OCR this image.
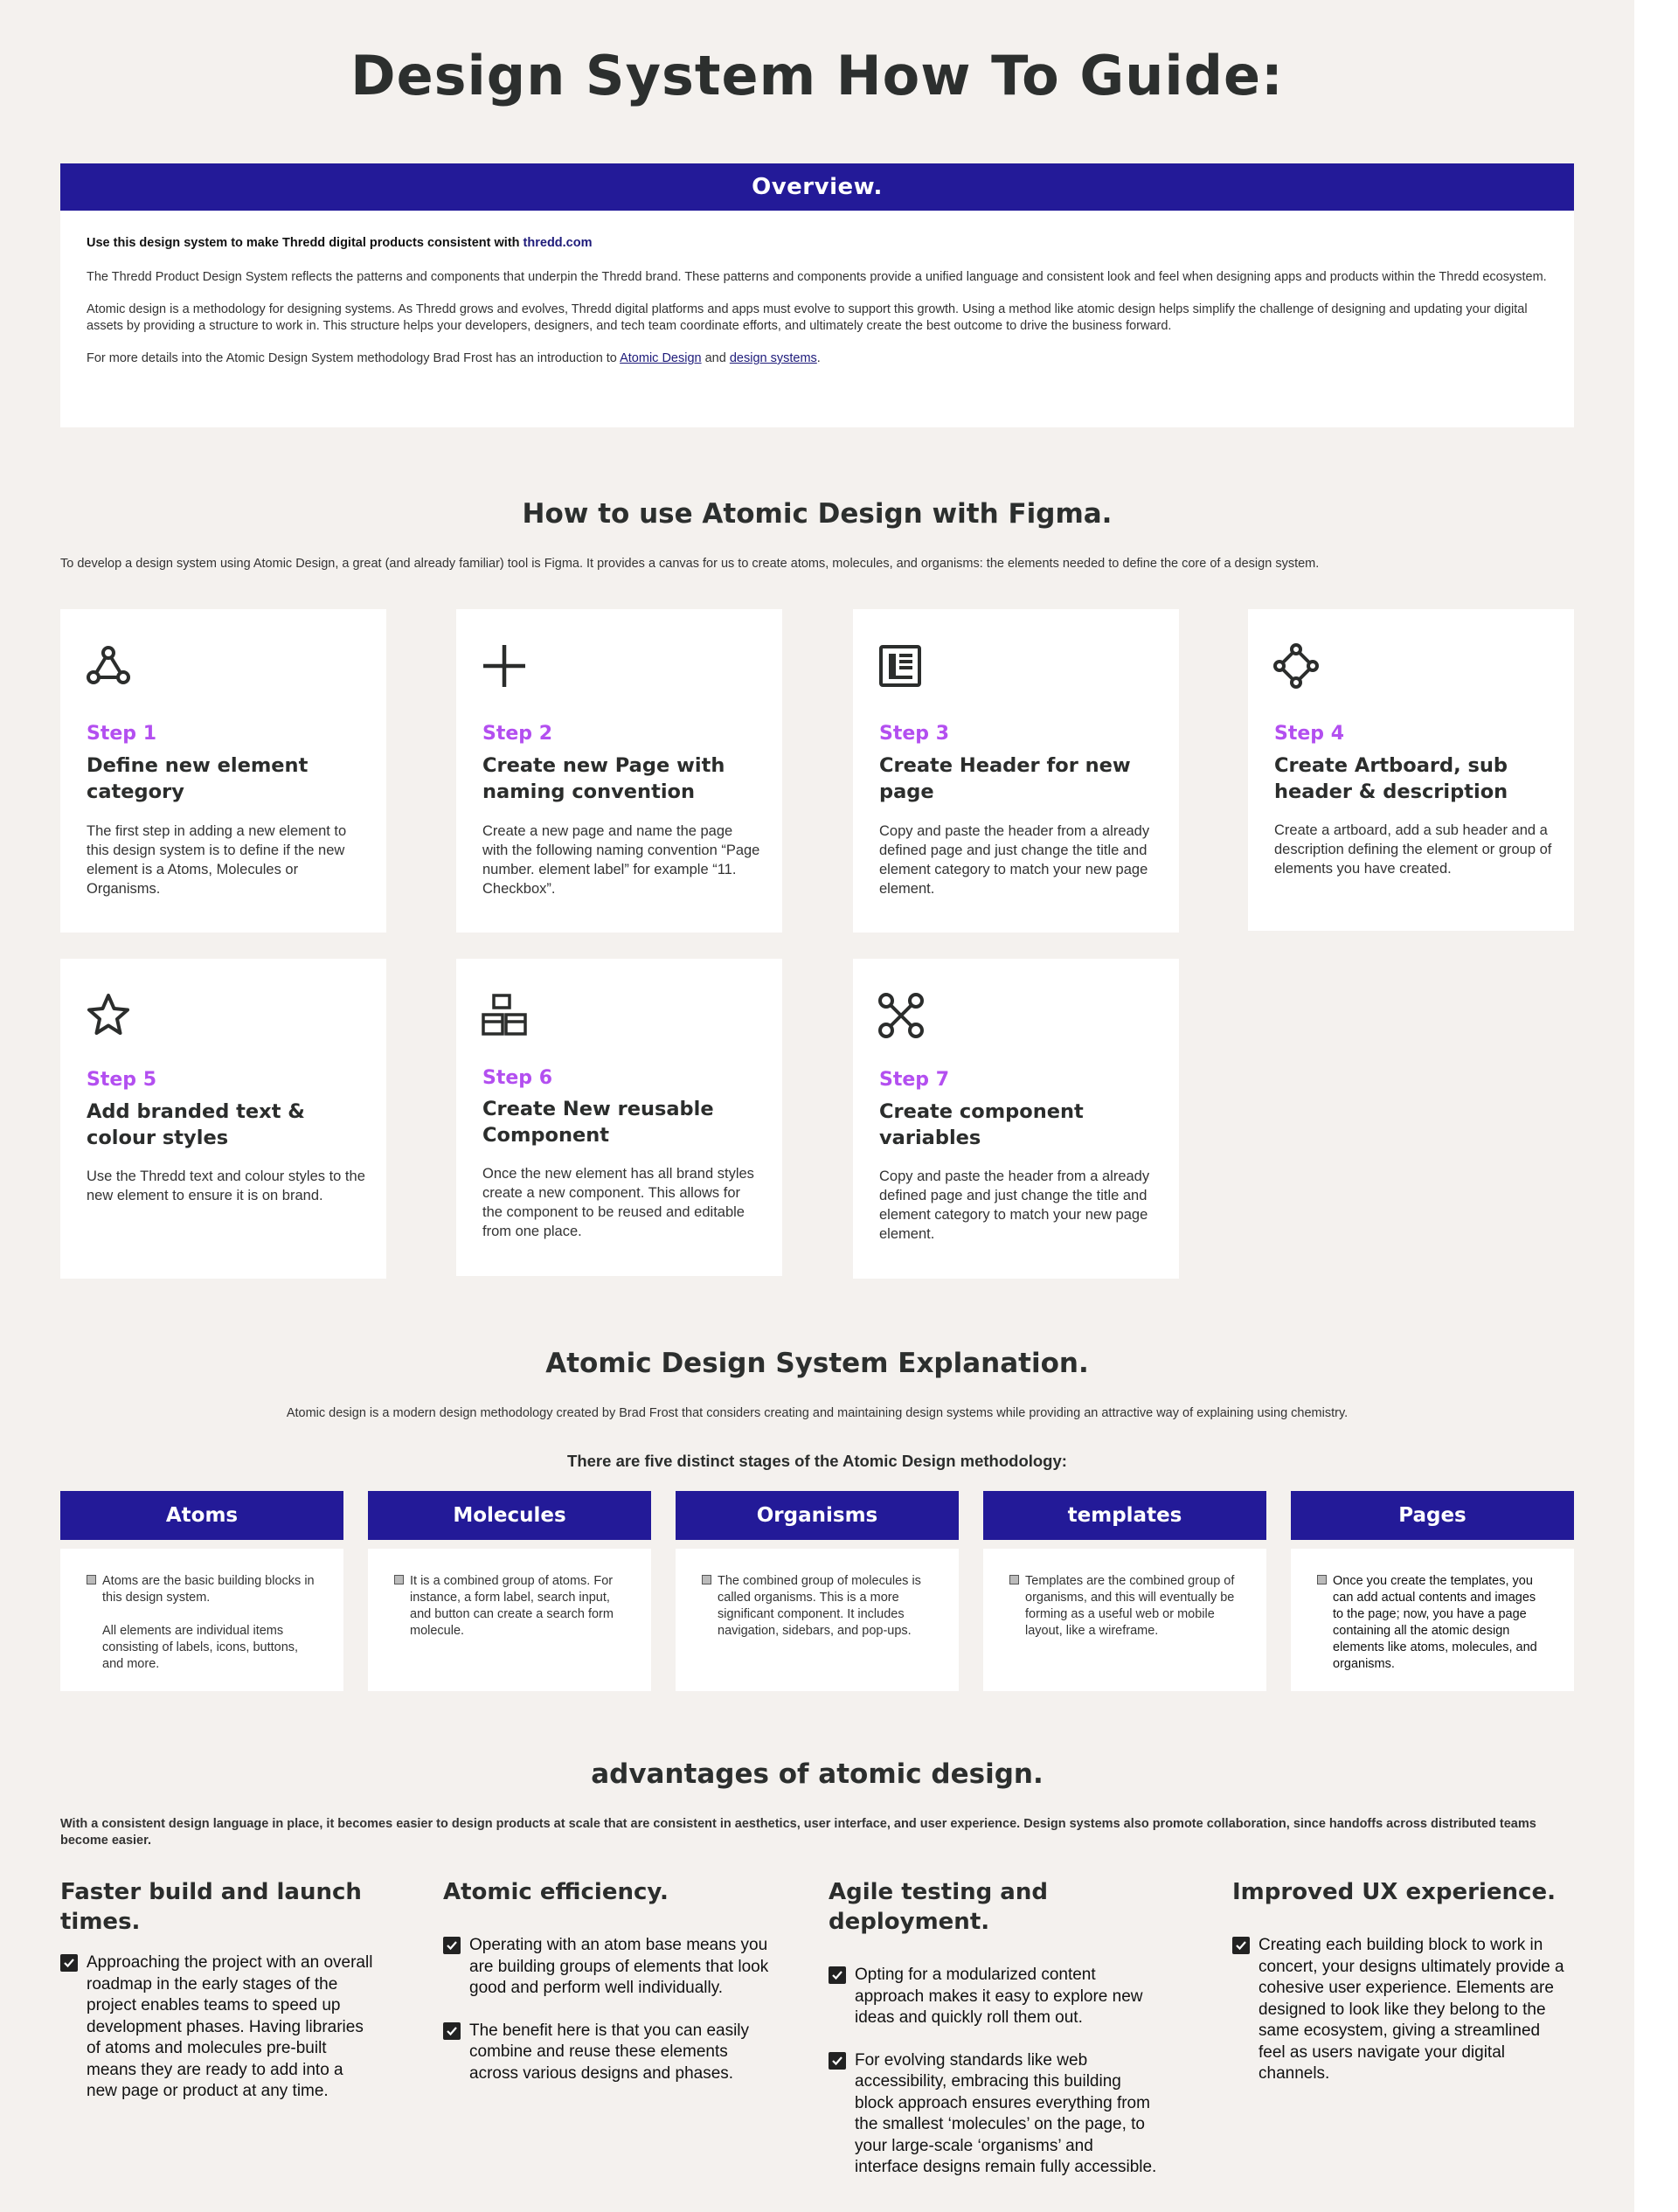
Design System How To Guide:
Overview.

Use this design system to make Thredd digital products consistent with thredd.com

The Thredd Product Design System reflects the patterns and components that underpin the Thredd brand. These patterns and components provide a unified language and consistent look and feel when designing apps and products within the Thredd ecosystem.

Atomic design is a methodology for designing systems. As Thredd grows and evolves, Thredd digital platforms and apps must evolve to support this growth. Using a method like atomic design helps simplify the challenge of designing and updating your digital assets by providing a structure to work in. This structure helps your developers, designers, and tech team coordinate efforts, and ultimately create the best outcome to drive the business forward.

For more details into the Atomic Design System methodology Brad Frost has an introduction to Atomic Design and design systems.

How to use Atomic Design with Figma.

To develop a design system using Atomic Design, a great (and already familiar) tool is Figma. It provides a canvas for us to create atoms, molecules, and organisms: the elements needed to define the core of a design system.

Step 1
Define new element category
The first step in adding a new element to this design system is to define if the new element is a Atoms, Molecules or Organisms.
Step 2
Create new Page with naming convention
Create a new page and name the page with the following naming convention “Page number. element label” for example “11. Checkbox”.
Step 3
Create Header for new page
Copy and paste the header from a already defined page and just change the title and element category to match your new page element.
Step 4
Create Artboard, sub header & description
Create a artboard, add a sub header and a description defining the element or group of elements you have created.
Step 5
Add branded text & colour styles
Use the Thredd text and colour styles to the new element to ensure it is on brand.
Step 6
Create New reusable Component
Once the new element has all brand styles create a new component. This allows for the component to be reused and editable from one place.
Step 7
Create component variables
Copy and paste the header from a already defined page and just change the title and element category to match your new page element.
Atomic Design System Explanation.

Atomic design is a modern design methodology created by Brad Frost that considers creating and maintaining design systems while providing an attractive way of explaining using chemistry.

There are five distinct stages of the Atomic Design methodology:

Atoms
Atoms are the basic building blocks in this design system.

All elements are individual items consisting of labels, icons, buttons, and more.
Molecules
It is a combined group of atoms. For instance, a form label, search input, and button can create a search form molecule.
Organisms
The combined group of molecules is called organisms. This is a more significant component. It includes navigation, sidebars, and pop-ups.
templates
Templates are the combined group of organisms, and this will eventually be forming as a useful web or mobile layout, like a wireframe.
Pages
Once you create the templates, you can add actual contents and images to the page; now, you have a page containing all the atomic design elements like atoms, molecules, and organisms.
advantages of atomic design.

With a consistent design language in place, it becomes easier to design products at scale that are consistent in aesthetics, user interface, and user experience. Design systems also promote collaboration, since handoffs across distributed teams become easier.

Faster build and launch times.
Approaching the project with an overall roadmap in the early stages of the project enables teams to speed up development phases. Having libraries of atoms and molecules pre-built means they are ready to add into a new page or product at any time.
Atomic efficiency.
Operating with an atom base means you are building groups of elements that look good and perform well individually.
The benefit here is that you can easily combine and reuse these elements across various designs and phases.
Agile testing and deployment.
Opting for a modularized content approach makes it easy to explore new ideas and quickly roll them out.
For evolving standards like web accessibility, embracing this building block approach ensures everything from the smallest ‘molecules’ on the page, to your large-scale ‘organisms’ and interface designs remain fully accessible.
Improved UX experience.
Creating each building block to work in concert, your designs ultimately provide a cohesive user experience. Elements are designed to look like they belong to the same ecosystem, giving a streamlined feel as users navigate your digital channels.
